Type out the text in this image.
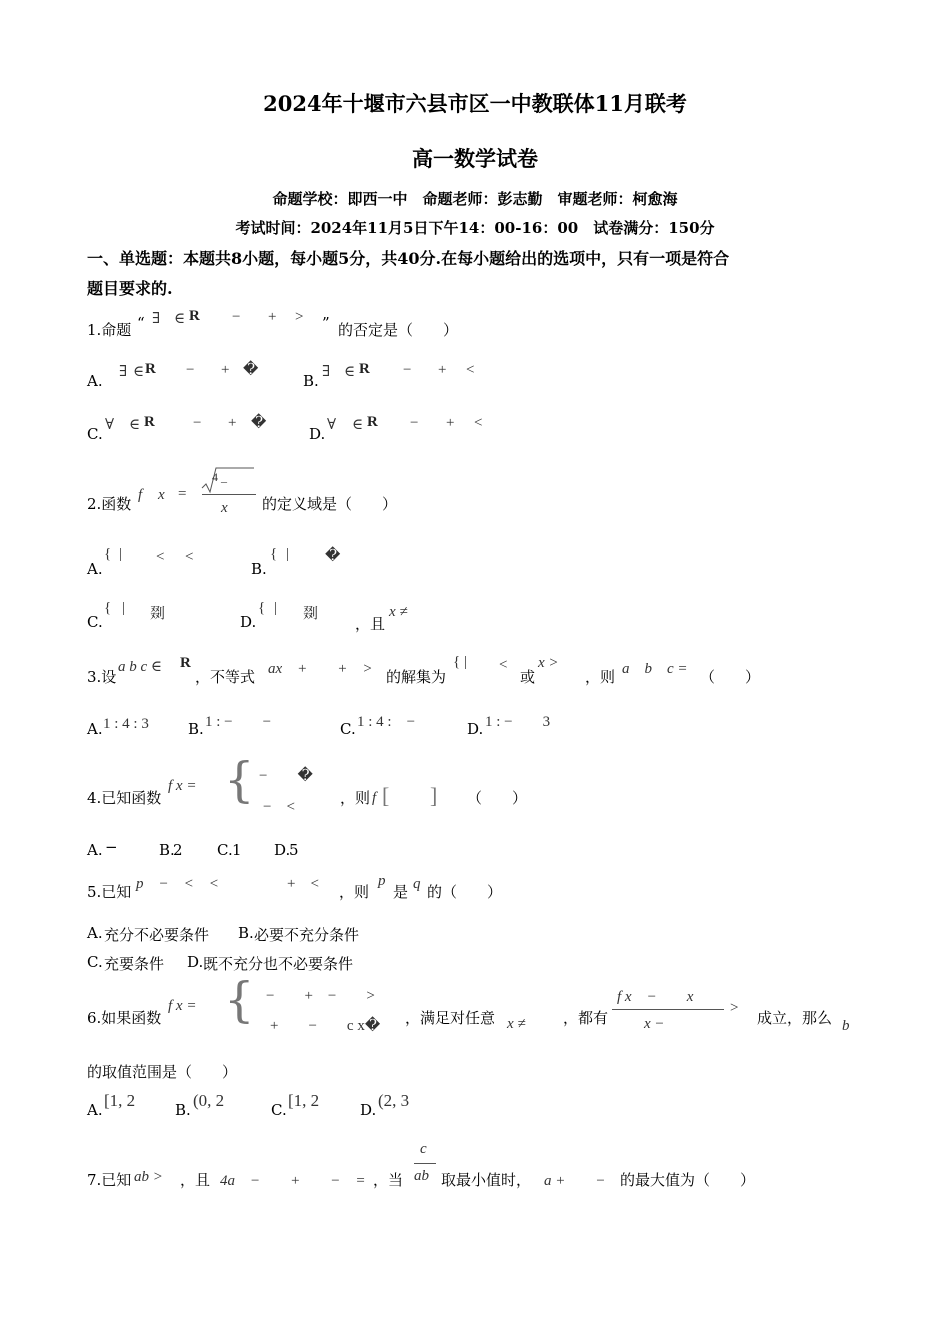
2024年十堰市六县市区一中教联体11月联考
高一数学试卷
命题学校：即西一中　命题老师：彭志勤　审题老师：柯愈海
考试时间：2024年11月5日下午14：00-16：00　试卷满分：150分
一、单选题：本题共8小题，每小题5分，共40分.在每小题给出的选项中，只有一项是符合
题目要求的.
1.命题 “ ∃ ∈ R − + > ” 的否定是（　　）
A. ∃ ∈ R − + �
B. ∃ ∈ R − + <
C. ∀ ∈ R	− + �
D. ∀ ∈ R − + <
2.函数 f x =
4 _
x 的定义域是（　　）
A.
{ | < <
B.
{ | �
C.
{ | 剟	D.
{ | 剟
，且
x ≠
3.设
a b c ∈ R
，不等式 ax　+　　+　> 的解集为
{ | <
或
x >
，则 a　b　c = （　　）
A. 1 : 4 : 3	B. 1 : −　　−	C. 1 : 4 :　−	D. 1 : −　　3
4.已知函数
f x = { −　　�
−　<	，则 f [ ] （　　）
A. −	B.
2 C. 1 D.
5
5.已知 p　−　<　<	+　< ，则
p
是 q 的（　　）
A. 充分不必要条件 B. 必要不充分条件
C. 充要条件 D. 既不充分也不必要条件
6.如果函数
f x = { −　　+　−　　>
+　　−　　c x� ，满足对任意 x ≠ ，都有
f x　−　　x
x −
>
成立，那么 b
的取值范围是（　　）
A. [1, 2	B. (0, 2	C. [1, 2	D. (2, 3
7.已知 ab > ，且 4a　−　　+　　−　= ，当
c
ab 取最小值时， a +　　− 的最大值为（　　）
